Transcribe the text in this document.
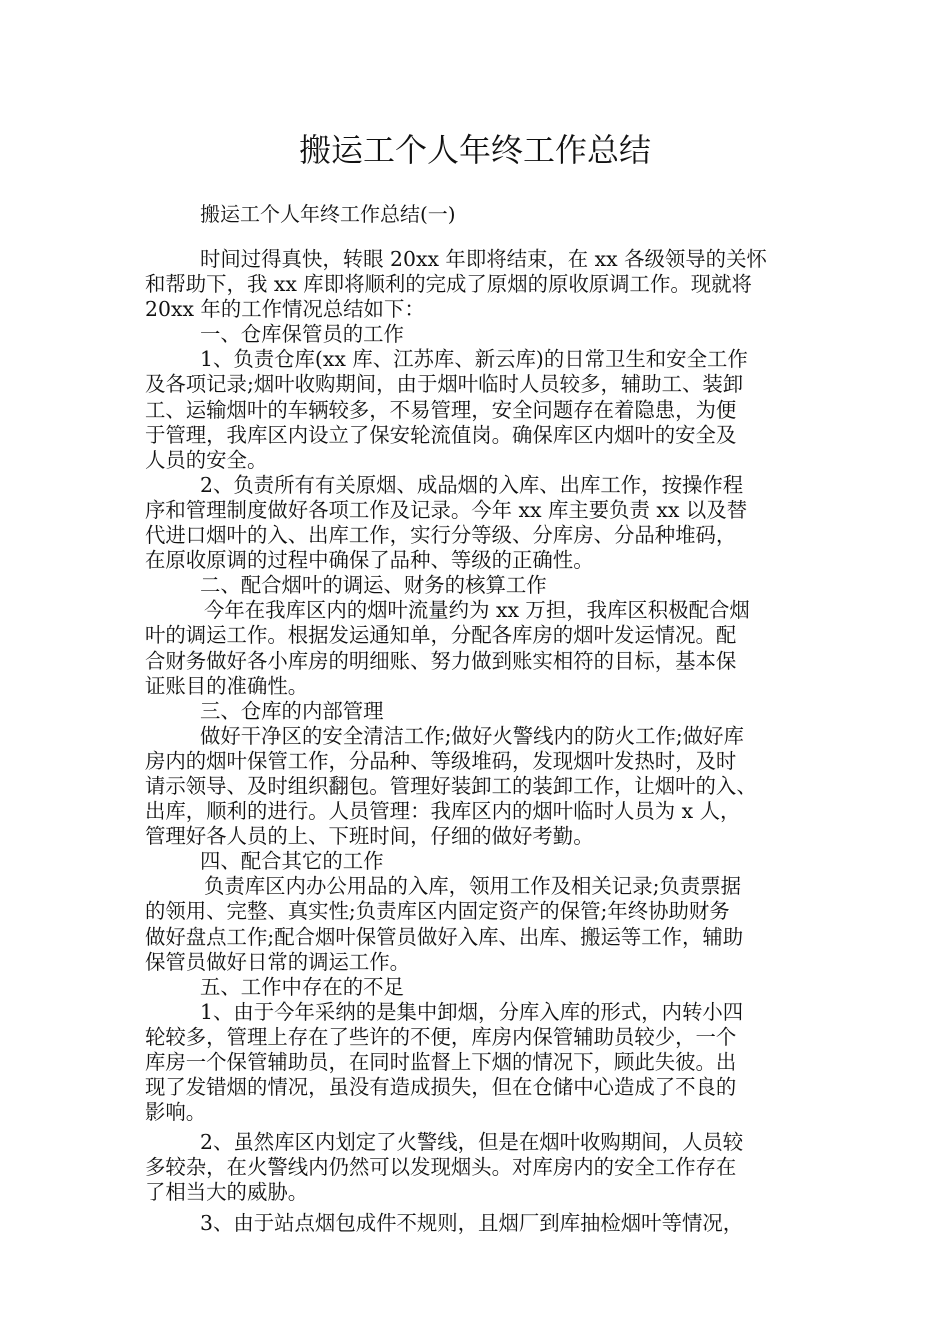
搬运工个人年终工作总结
搬运工个人年终工作总结(一)
时间过得真快，转眼 20xx 年即将结束，在 xx 各级领导的关怀
和帮助下，我 xx 库即将顺利的完成了原烟的原收原调工作。现就将
20xx 年的工作情况总结如下：
一、仓库保管员的工作
1、负责仓库(xx 库、江苏库、新云库)的日常卫生和安全工作
及各项记录;烟叶收购期间，由于烟叶临时人员较多，辅助工、装卸
工、运输烟叶的车辆较多，不易管理，安全问题存在着隐患，为便
于管理，我库区内设立了保安轮流值岗。确保库区内烟叶的安全及
人员的安全。
2、负责所有有关原烟、成品烟的入库、出库工作，按操作程
序和管理制度做好各项工作及记录。今年 xx 库主要负责 xx 以及替
代进口烟叶的入、出库工作，实行分等级、分库房、分品种堆码，
在原收原调的过程中确保了品种、等级的正确性。
二、配合烟叶的调运、财务的核算工作
今年在我库区内的烟叶流量约为 xx 万担，我库区积极配合烟
叶的调运工作。根据发运通知单，分配各库房的烟叶发运情况。配
合财务做好各小库房的明细账、努力做到账实相符的目标，基本保
证账目的准确性。
三、仓库的内部管理
做好干净区的安全清洁工作;做好火警线内的防火工作;做好库
房内的烟叶保管工作，分品种、等级堆码，发现烟叶发热时，及时
请示领导、及时组织翻包。管理好装卸工的装卸工作，让烟叶的入、
出库，顺利的进行。人员管理：我库区内的烟叶临时人员为 x 人，
管理好各人员的上、下班时间，仔细的做好考勤。
四、配合其它的工作
负责库区内办公用品的入库，领用工作及相关记录;负责票据
的领用、完整、真实性;负责库区内固定资产的保管;年终协助财务
做好盘点工作;配合烟叶保管员做好入库、出库、搬运等工作，辅助
保管员做好日常的调运工作。
五、工作中存在的不足
1、由于今年采纳的是集中卸烟，分库入库的形式，内转小四
轮较多，管理上存在了些许的不便，库房内保管辅助员较少，一个
库房一个保管辅助员，在同时监督上下烟的情况下，顾此失彼。出
现了发错烟的情况，虽没有造成损失，但在仓储中心造成了不良的
影响。
2、虽然库区内划定了火警线，但是在烟叶收购期间，人员较
多较杂，在火警线内仍然可以发现烟头。对库房内的安全工作存在
了相当大的威胁。
3、由于站点烟包成件不规则，且烟厂到库抽检烟叶等情况，
